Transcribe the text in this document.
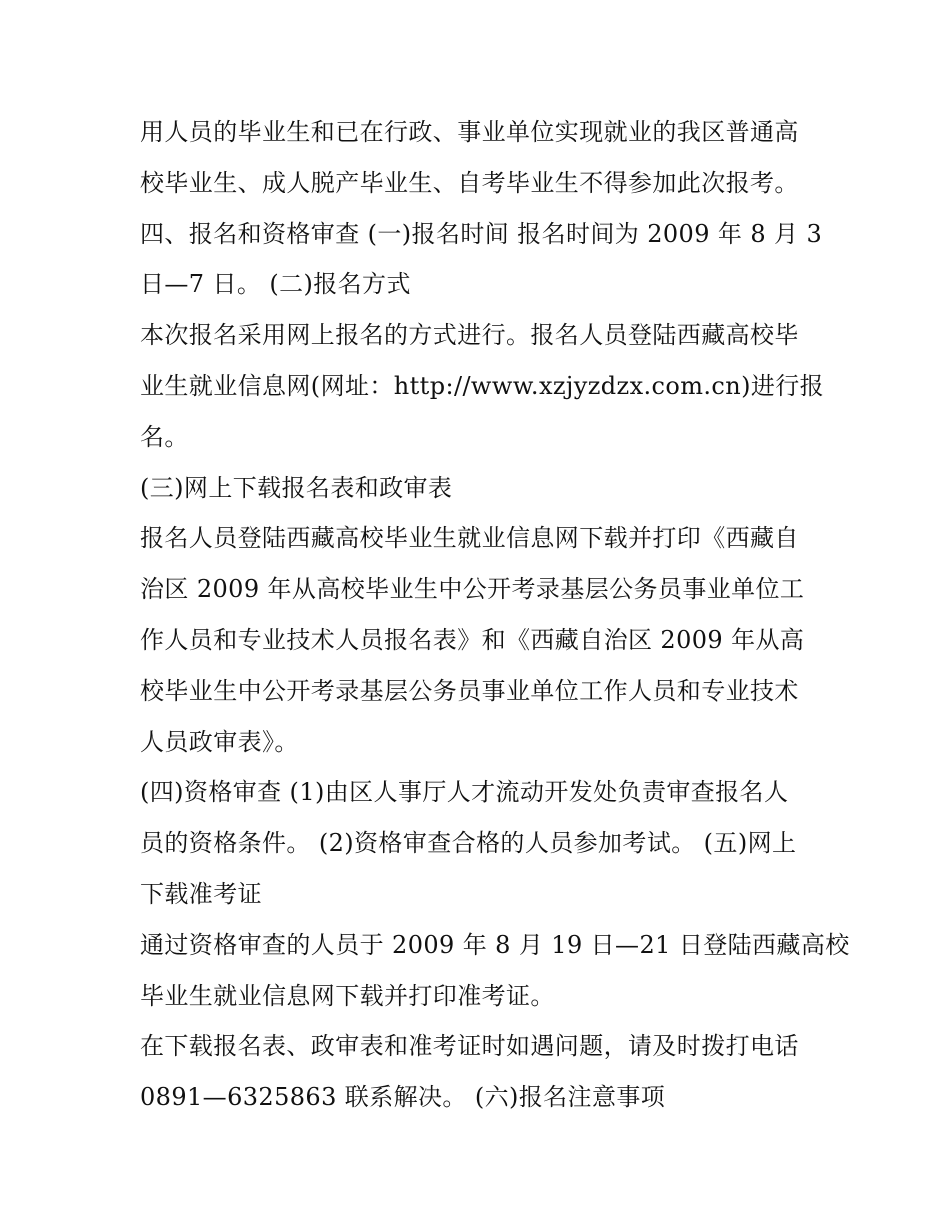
用人员的毕业生和已在行政、事业单位实现就业的我区普通高
校毕业生、成人脱产毕业生、自考毕业生不得参加此次报考。
四、报名和资格审查 (一)报名时间 报名时间为 2009 年 8 月 3
日—7 日。 (二)报名方式
本次报名采用网上报名的方式进行。报名人员登陆西藏高校毕
业生就业信息网(网址：http://www.xzjyzdzx.com.cn)进行报
名。
(三)网上下载报名表和政审表
报名人员登陆西藏高校毕业生就业信息网下载并打印《西藏自
治区 2009 年从高校毕业生中公开考录基层公务员事业单位工
作人员和专业技术人员报名表》和《西藏自治区 2009 年从高
校毕业生中公开考录基层公务员事业单位工作人员和专业技术
人员政审表》。
(四)资格审查 (1)由区人事厅人才流动开发处负责审查报名人
员的资格条件。 (2)资格审查合格的人员参加考试。 (五)网上
下载准考证
通过资格审查的人员于 2009 年 8 月 19 日—21 日登陆西藏高校
毕业生就业信息网下载并打印准考证。
在下载报名表、政审表和准考证时如遇问题，请及时拨打电话
0891—6325863 联系解决。 (六)报名注意事项
